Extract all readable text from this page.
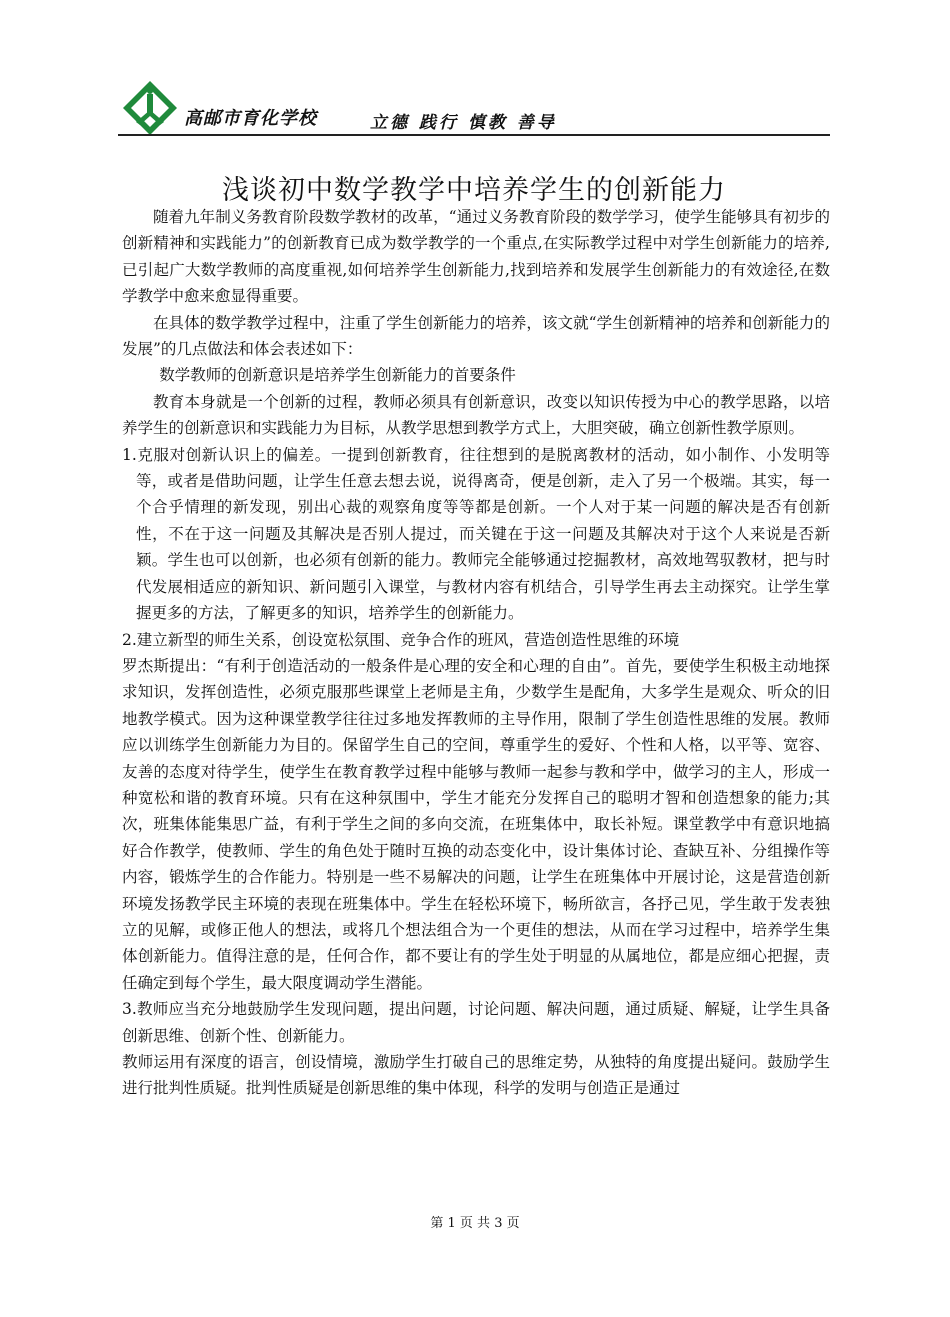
高邮市育化学校	立德 践行 慎教 善导
浅谈初中数学教学中培养学生的创新能力

随着九年制义务教育阶段数学教材的改革，“通过义务教育阶段的数学学习，使学生能够具有初步的创新精神和实践能力”的创新教育已成为数学教学的一个重点,在实际教学过程中对学生创新能力的培养,已引起广大数学教师的高度重视,如何培养学生创新能力,找到培养和发展学生创新能力的有效途径,在数学教学中愈来愈显得重要。

在具体的数学教学过程中，注重了学生创新能力的培养，该文就“学生创新精神的培养和创新能力的发展”的几点做法和体会表述如下：

数学教师的创新意识是培养学生创新能力的首要条件

教育本身就是一个创新的过程，教师必须具有创新意识，改变以知识传授为中心的教学思路，以培养学生的创新意识和实践能力为目标，从教学思想到教学方式上，大胆突破，确立创新性教学原则。

1.克服对创新认识上的偏差。一提到创新教育，往往想到的是脱离教材的活动，如小制作、小发明等等，或者是借助问题，让学生任意去想去说，说得离奇，便是创新，走入了另一个极端。其实，每一个合乎情理的新发现，别出心裁的观察角度等等都是创新。一个人对于某一问题的解决是否有创新性，不在于这一问题及其解决是否别人提过，而关键在于这一问题及其解决对于这个人来说是否新颖。学生也可以创新，也必须有创新的能力。教师完全能够通过挖掘教材，高效地驾驭教材，把与时代发展相适应的新知识、新问题引入课堂，与教材内容有机结合，引导学生再去主动探究。让学生掌握更多的方法，了解更多的知识，培养学生的创新能力。

2.建立新型的师生关系，创设宽松氛围、竞争合作的班风，营造创造性思维的环境

罗杰斯提出：“有利于创造活动的一般条件是心理的安全和心理的自由”。首先，要使学生积极主动地探求知识，发挥创造性，必须克服那些课堂上老师是主角，少数学生是配角，大多学生是观众、听众的旧地教学模式。因为这种课堂教学往往过多地发挥教师的主导作用，限制了学生创造性思维的发展。教师应以训练学生创新能力为目的。保留学生自己的空间，尊重学生的爱好、个性和人格，以平等、宽容、友善的态度对待学生，使学生在教育教学过程中能够与教师一起参与教和学中，做学习的主人，形成一种宽松和谐的教育环境。只有在这种氛围中，学生才能充分发挥自己的聪明才智和创造想象的能力;其次，班集体能集思广益，有利于学生之间的多向交流，在班集体中，取长补短。课堂教学中有意识地搞好合作教学，使教师、学生的角色处于随时互换的动态变化中，设计集体讨论、查缺互补、分组操作等内容，锻炼学生的合作能力。特别是一些不易解决的问题，让学生在班集体中开展讨论，这是营造创新环境发扬教学民主环境的表现在班集体中。学生在轻松环境下，畅所欲言，各抒己见，学生敢于发表独立的见解，或修正他人的想法，或将几个想法组合为一个更佳的想法，从而在学习过程中，培养学生集体创新能力。值得注意的是，任何合作，都不要让有的学生处于明显的从属地位，都是应细心把握，责任确定到每个学生，最大限度调动学生潜能。

3.教师应当充分地鼓励学生发现问题，提出问题，讨论问题、解决问题，通过质疑、解疑，让学生具备创新思维、创新个性、创新能力。

教师运用有深度的语言，创设情境，激励学生打破自己的思维定势，从独特的角度提出疑问。鼓励学生进行批判性质疑。批判性质疑是创新思维的集中体现，科学的发明与创造正是通过

第 1 页 共 3 页
